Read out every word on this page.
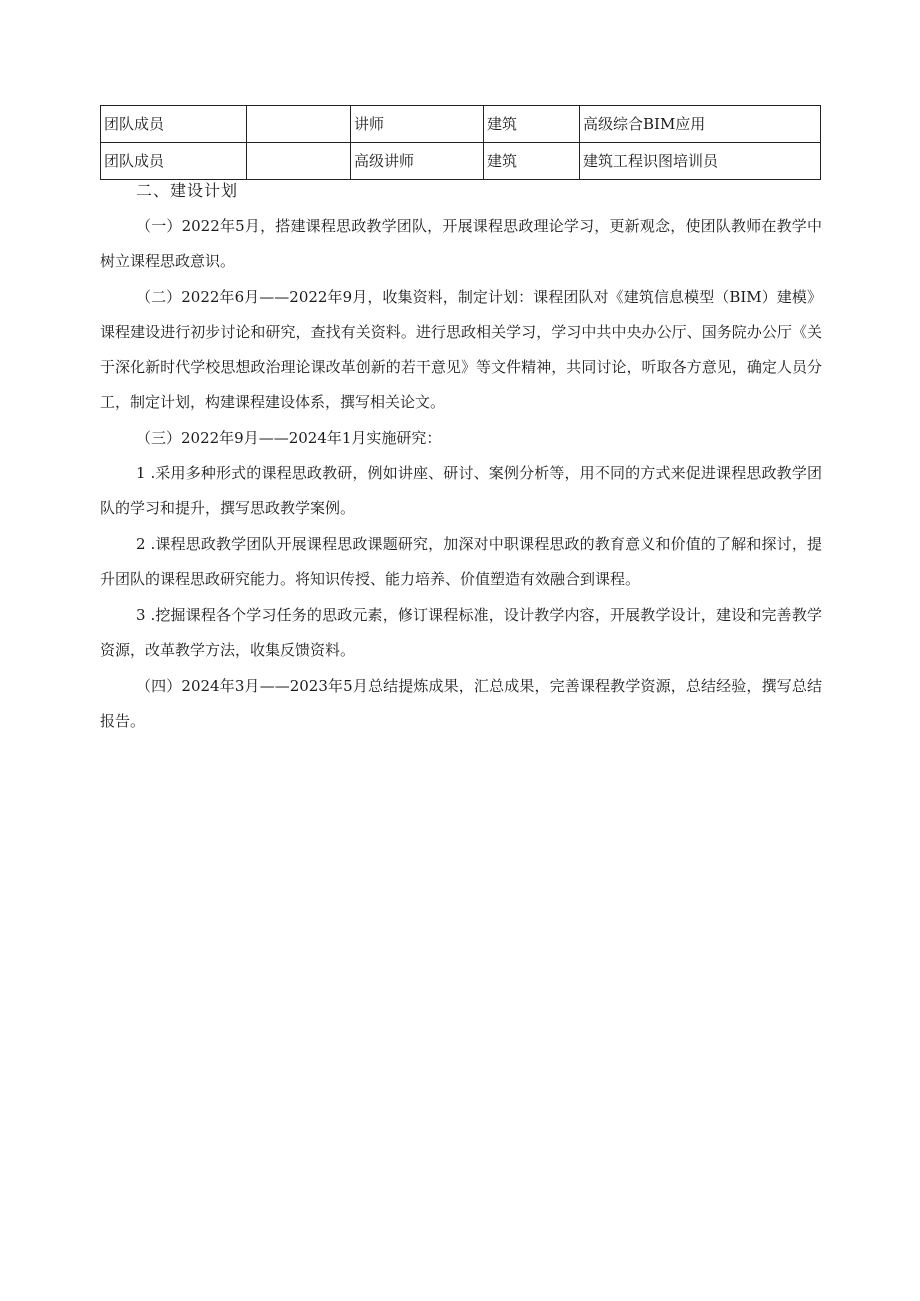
团队成员		讲师	建筑	高级综合BIM应用
团队成员		高级讲师	建筑	建筑工程识图培训员
二、建设计划

（一）2022年5月，搭建课程思政教学团队，开展课程思政理论学习，更新观念，使团队教师在教学中树立课程思政意识。

（二）2022年6月——2022年9月，收集资料，制定计划：课程团队对《建筑信息模型（BIM）建模》课程建设进行初步讨论和研究，查找有关资料。进行思政相关学习，学习中共中央办公厅、国务院办公厅《关于深化新时代学校思想政治理论课改革创新的若干意见》等文件精神，共同讨论，听取各方意见，确定人员分工，制定计划，构建课程建设体系，撰写相关论文。

（三）2022年9月——2024年1月实施研究：

1 .采用多种形式的课程思政教研，例如讲座、研讨、案例分析等，用不同的方式来促进课程思政教学团队的学习和提升，撰写思政教学案例。

2 .课程思政教学团队开展课程思政课题研究，加深对中职课程思政的教育意义和价值的了解和探讨，提升团队的课程思政研究能力。将知识传授、能力培养、价值塑造有效融合到课程。

3 .挖掘课程各个学习任务的思政元素，修订课程标准，设计教学内容，开展教学设计，建设和完善教学资源，改革教学方法，收集反馈资料。

（四）2024年3月——2023年5月总结提炼成果，汇总成果，完善课程教学资源，总结经验，撰写总结报告。
